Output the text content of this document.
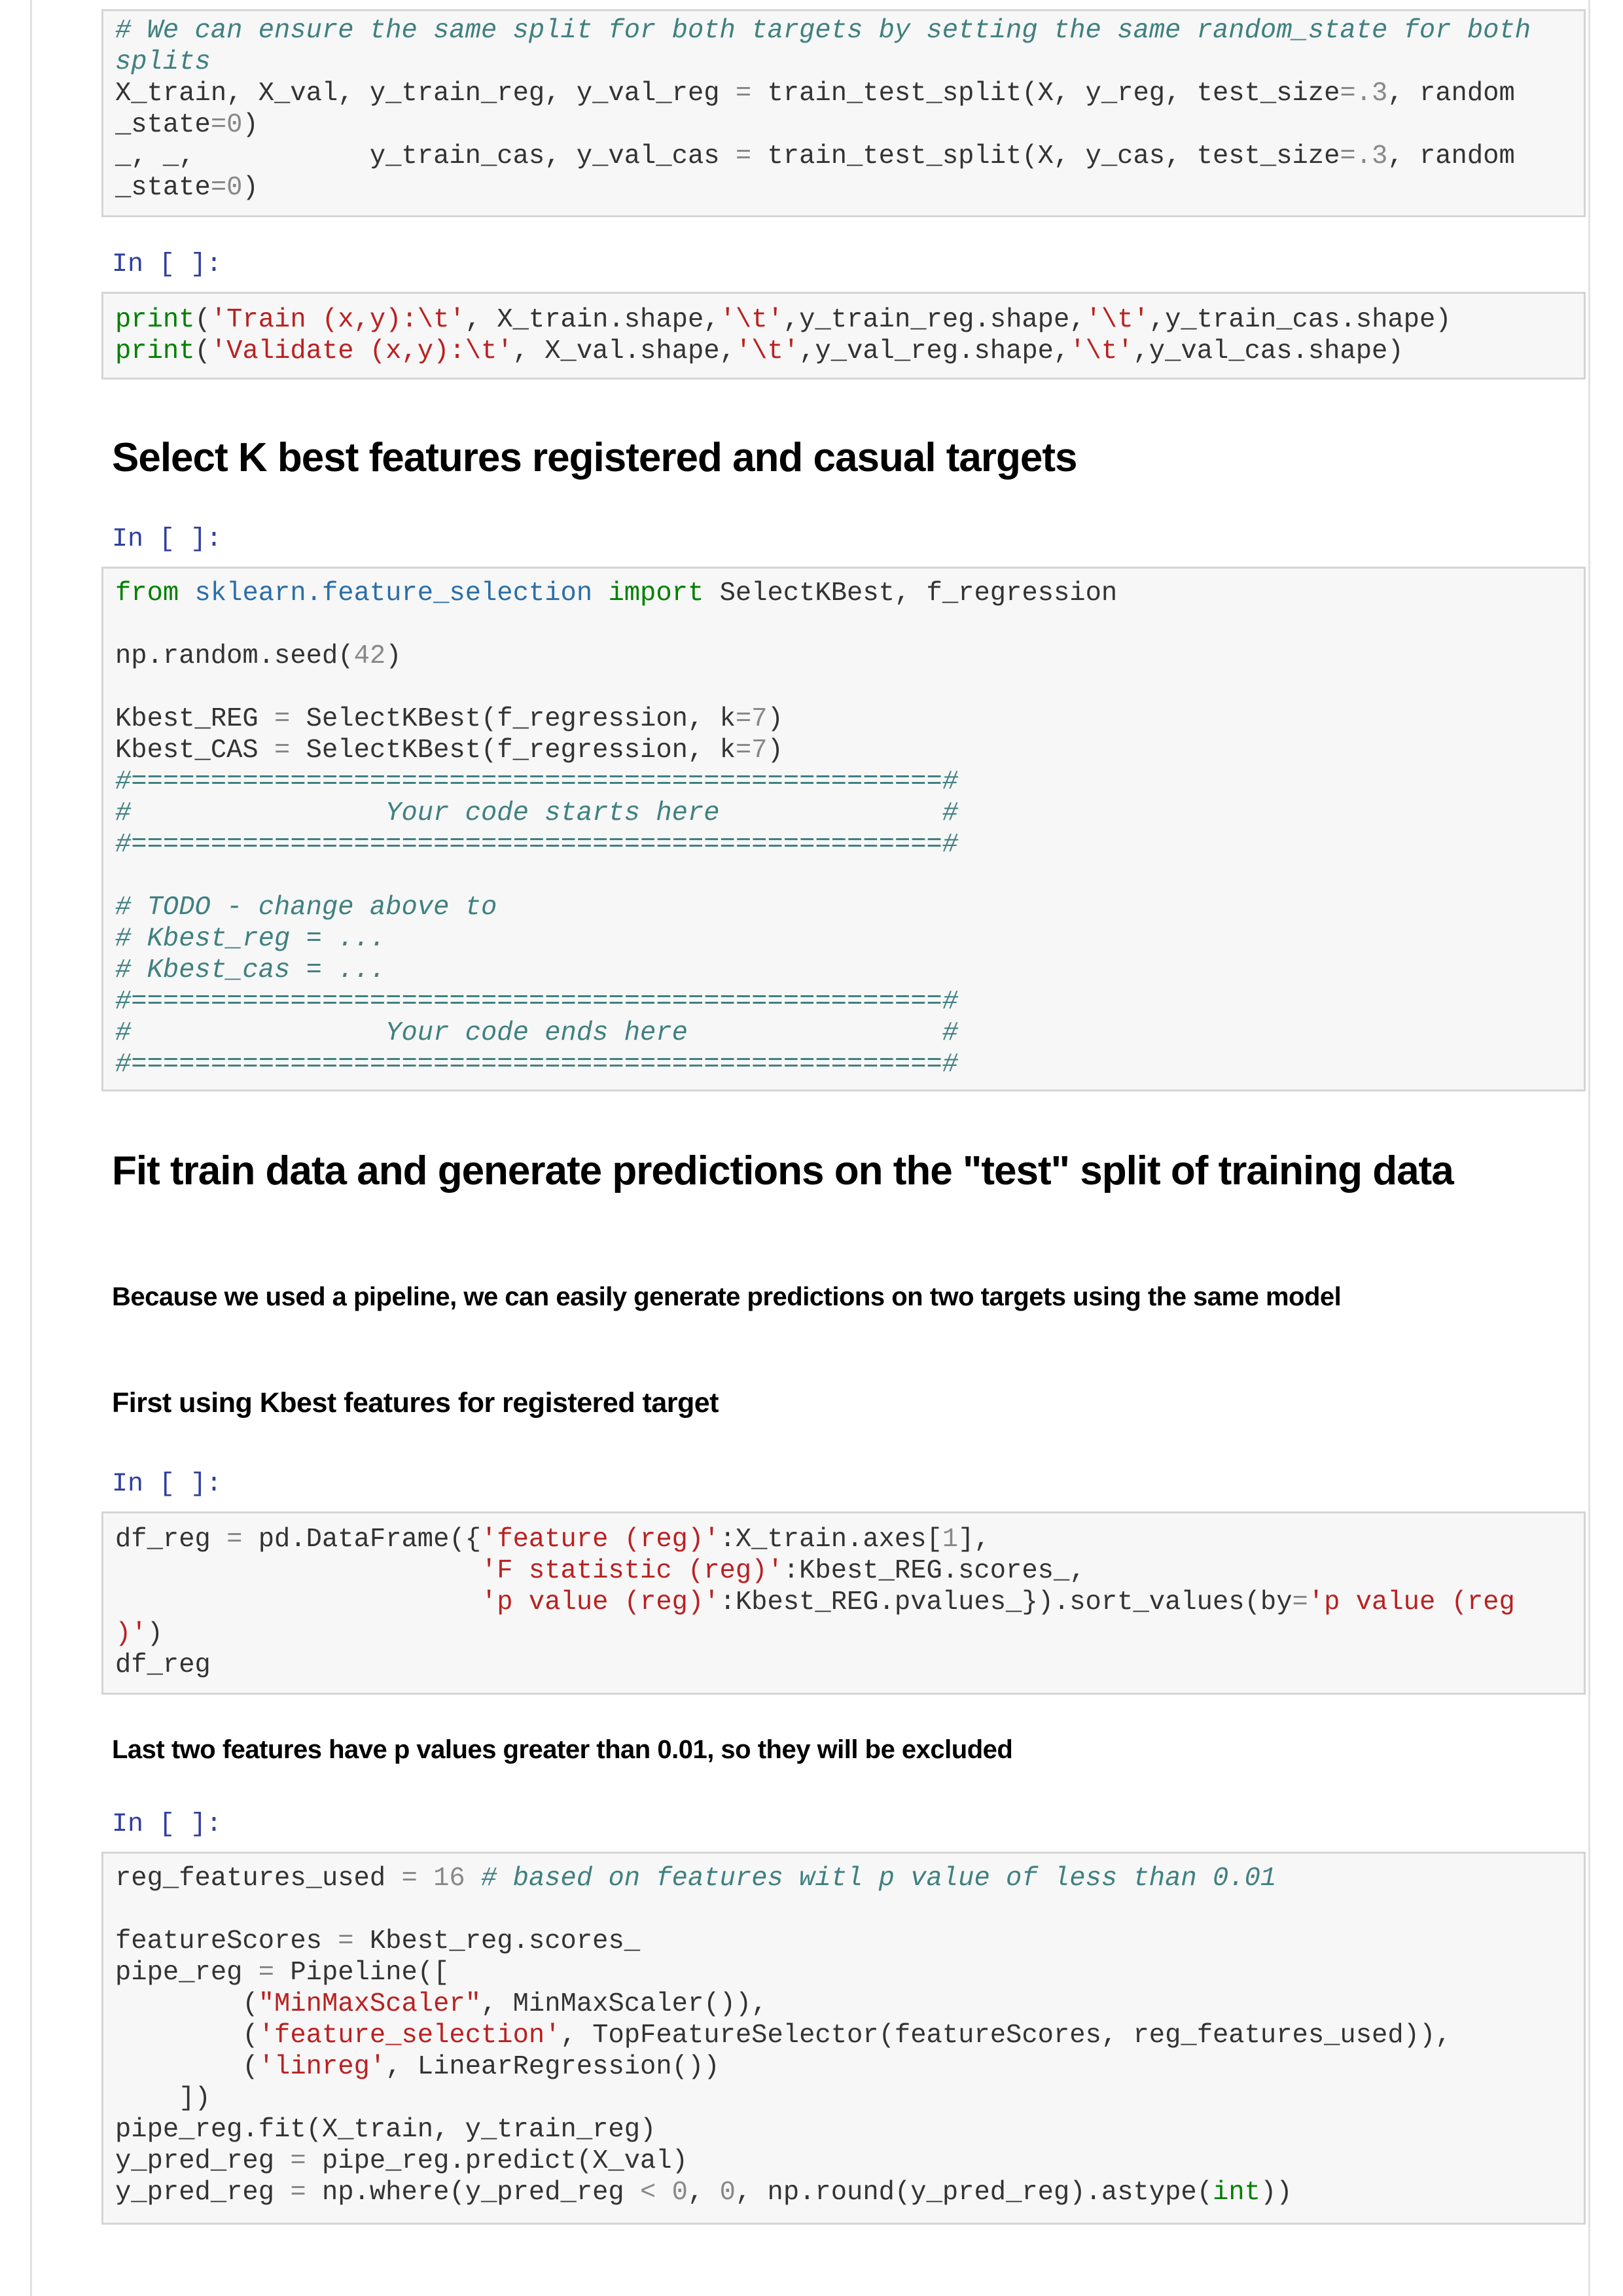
# We can ensure the same split for both targets by setting the same random_state for both
splits
X_train, X_val, y_train_reg, y_val_reg = train_test_split(X, y_reg, test_size=.3, random
_state=0)
_, _,           y_train_cas, y_val_cas = train_test_split(X, y_cas, test_size=.3, random
_state=0)
In [ ]:
print('Train (x,y):\t', X_train.shape,'\t',y_train_reg.shape,'\t',y_train_cas.shape)
print('Validate (x,y):\t', X_val.shape,'\t',y_val_reg.shape,'\t',y_val_cas.shape)
Select K best features registered and casual targets
In [ ]:
from sklearn.feature_selection import SelectKBest, f_regression
np.random.seed(42)
Kbest_REG = SelectKBest(f_regression, k=7)
Kbest_CAS = SelectKBest(f_regression, k=7)
#===================================================#
#                Your code starts here              #
#===================================================#
# TODO - change above to
# Kbest_reg = ...
# Kbest_cas = ...
#===================================================#
#                Your code ends here                #
#===================================================#
Fit train data and generate predictions on the "test" split of training data
Because we used a pipeline, we can easily generate predictions on two targets using the same model
First using Kbest features for registered target
In [ ]:
df_reg = pd.DataFrame({'feature (reg)':X_train.axes[1],
'F statistic (reg)':Kbest_REG.scores_,
'p value (reg)':Kbest_REG.pvalues_}).sort_values(by='p value (reg
)')
df_reg
Last two features have p values greater than 0.01, so they will be excluded
In [ ]:
reg_features_used = 16 # based on features witl p value of less than 0.01
featureScores = Kbest_reg.scores_
pipe_reg = Pipeline([
("MinMaxScaler", MinMaxScaler()),
('feature_selection', TopFeatureSelector(featureScores, reg_features_used)),
('linreg', LinearRegression())
])
pipe_reg.fit(X_train, y_train_reg)
y_pred_reg = pipe_reg.predict(X_val)
y_pred_reg = np.where(y_pred_reg < 0, 0, np.round(y_pred_reg).astype(int))
